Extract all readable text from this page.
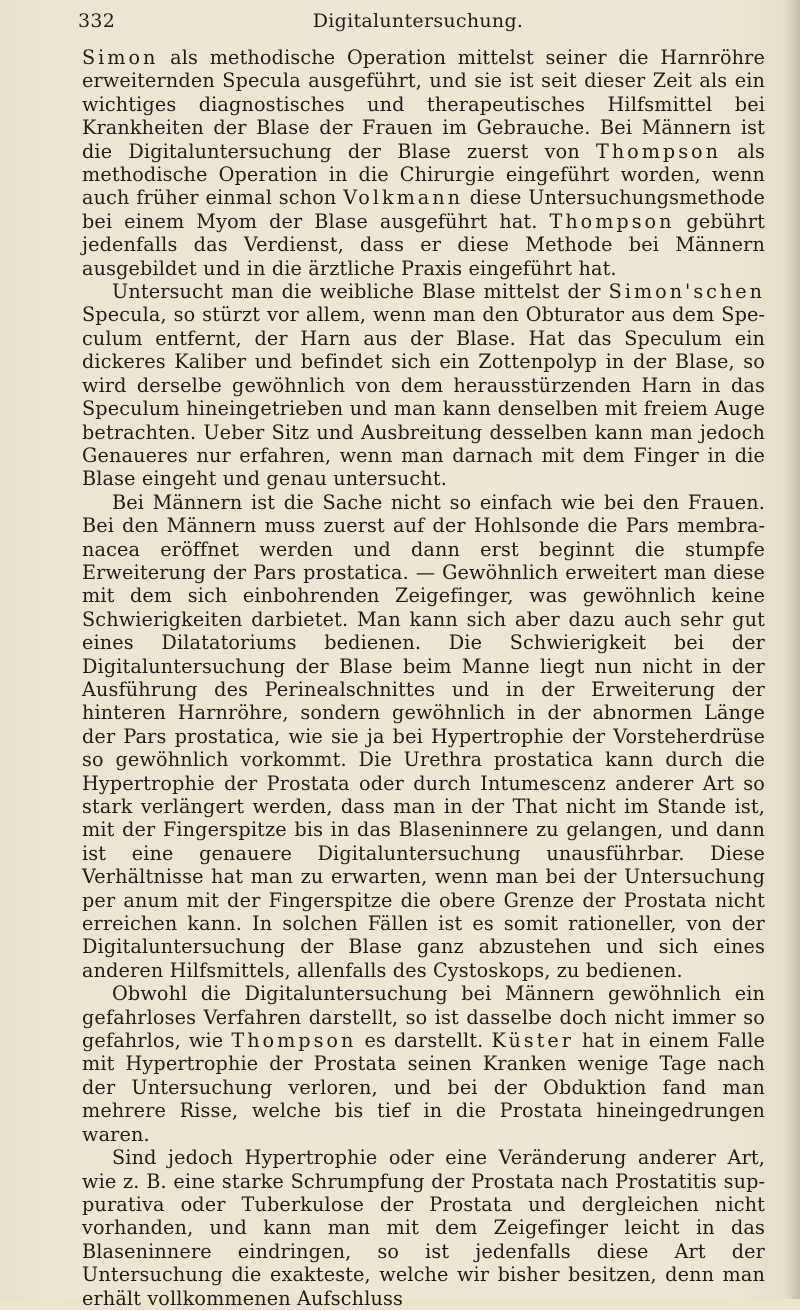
332	Digitaluntersuchung.

Simon als methodische Operation mittelst seiner die Harnröhre erweiternden Specula ausgeführt, und sie ist seit dieser Zeit als ein wichtiges diagnostisches und therapeutisches Hilfsmittel bei Krankheiten der Blase der Frauen im Gebrauche. Bei Männern ist die Digitaluntersuchung der Blase zuerst von Thompson als methodische Operation in die Chirurgie eingeführt worden, wenn auch früher einmal schon Volkmann diese Untersuchungsmethode bei einem Myom der Blase ausgeführt hat. Thompson gebührt jedenfalls das Verdienst, dass er diese Methode bei Männern ausgebildet und in die ärztliche Praxis eingeführt hat.

Untersucht man die weibliche Blase mittelst der Simon'schen Specula, so stürzt vor allem, wenn man den Obturator aus dem Speculum entfernt, der Harn aus der Blase. Hat das Speculum ein dickeres Kaliber und befindet sich ein Zottenpolyp in der Blase, so wird derselbe gewöhnlich von dem herausstürzenden Harn in das Speculum hineingetrieben und man kann denselben mit freiem Auge betrachten. Ueber Sitz und Ausbreitung desselben kann man jedoch Genaueres nur erfahren, wenn man darnach mit dem Finger in die Blase eingeht und genau untersucht.

Bei Männern ist die Sache nicht so einfach wie bei den Frauen. Bei den Männern muss zuerst auf der Hohlsonde die Pars membranacea eröffnet werden und dann erst beginnt die stumpfe Erweiterung der Pars prostatica. — Gewöhnlich erweitert man diese mit dem sich einbohrenden Zeigefinger, was gewöhnlich keine Schwierigkeiten darbietet. Man kann sich aber dazu auch sehr gut eines Dilatatoriums bedienen. Die Schwierigkeit bei der Digitaluntersuchung der Blase beim Manne liegt nun nicht in der Ausführung des Perinealschnittes und in der Erweiterung der hinteren Harnröhre, sondern gewöhnlich in der abnormen Länge der Pars prostatica, wie sie ja bei Hypertrophie der Vorsteherdrüse so gewöhnlich vorkommt. Die Urethra prostatica kann durch die Hypertrophie der Prostata oder durch Intumescenz anderer Art so stark verlängert werden, dass man in der That nicht im Stande ist, mit der Fingerspitze bis in das Blaseninnere zu gelangen, und dann ist eine genauere Digitaluntersuchung unausführbar. Diese Verhältnisse hat man zu erwarten, wenn man bei der Untersuchung per anum mit der Fingerspitze die obere Grenze der Prostata nicht erreichen kann. In solchen Fällen ist es somit rationeller, von der Digitaluntersuchung der Blase ganz abzustehen und sich eines anderen Hilfsmittels, allenfalls des Cystoskops, zu bedienen.

Obwohl die Digitaluntersuchung bei Männern gewöhnlich ein gefahrloses Verfahren darstellt, so ist dasselbe doch nicht immer so gefahrlos, wie Thompson es darstellt. Küster hat in einem Falle mit Hypertrophie der Prostata seinen Kranken wenige Tage nach der Untersuchung verloren, und bei der Obduktion fand man mehrere Risse, welche bis tief in die Prostata hineingedrungen waren.

Sind jedoch Hypertrophie oder eine Veränderung anderer Art, wie z. B. eine starke Schrumpfung der Prostata nach Prostatitis suppurativa oder Tuberkulose der Prostata und dergleichen nicht vorhanden, und kann man mit dem Zeigefinger leicht in das Blaseninnere eindringen, so ist jedenfalls diese Art der Untersuchung die exakteste, welche wir bisher besitzen, denn man erhält vollkommenen Aufschluss
